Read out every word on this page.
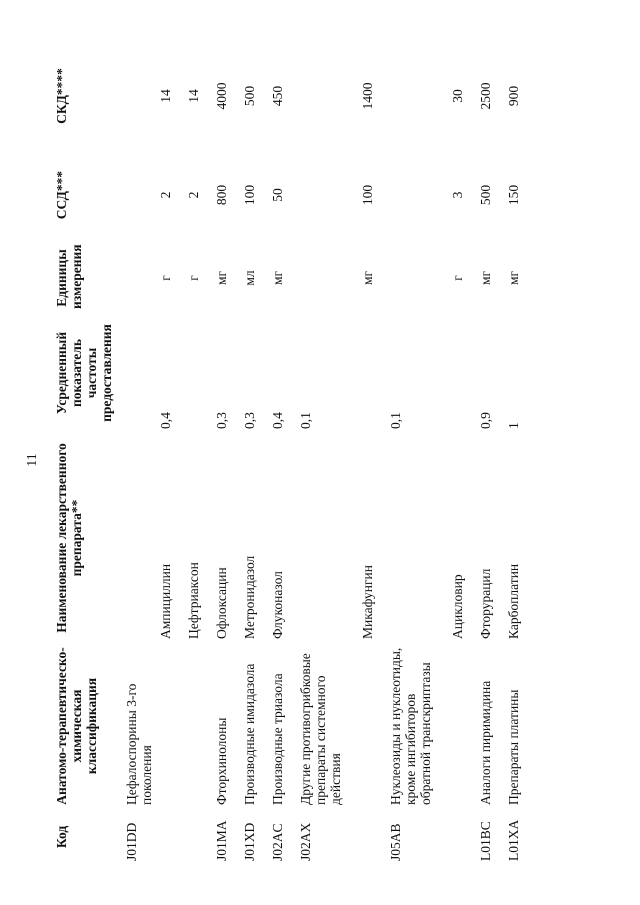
11
Код	Анатомо-терапевтическо-химическая классификация	Наименование лекарственного препарата**	Усредненный показатель частоты предоставления	Единицы измерения	ССД***	СКД****
J01DD	Цефалоспорины 3-го поколения					
		Ампициллин	0,4	г	2	14
		Цефтриаксон		г	2	14
J01MA	Фторхинолоны	Офлоксацин	0,3	мг	800	4000
J01XD	Производные имидазола	Метронидазол	0,3	мл	100	500
J02AC	Производные триазола	Флуконазол	0,4	мг	50	450
J02AX	Другие противогрибковые препараты системного действия		0,1			
		Микафунгин		мг	100	1400
J05AB	Нуклеозиды и нуклеотиды, кроме ингибиторов обратной транскриптазы		0,1			
		Ацикловир		г	3	30
L01BC	Аналоги пиримидина	Фторурацил	0,9	мг	500	2500
L01XA	Препараты платины	Карбоплатин	1	мг	150	900
